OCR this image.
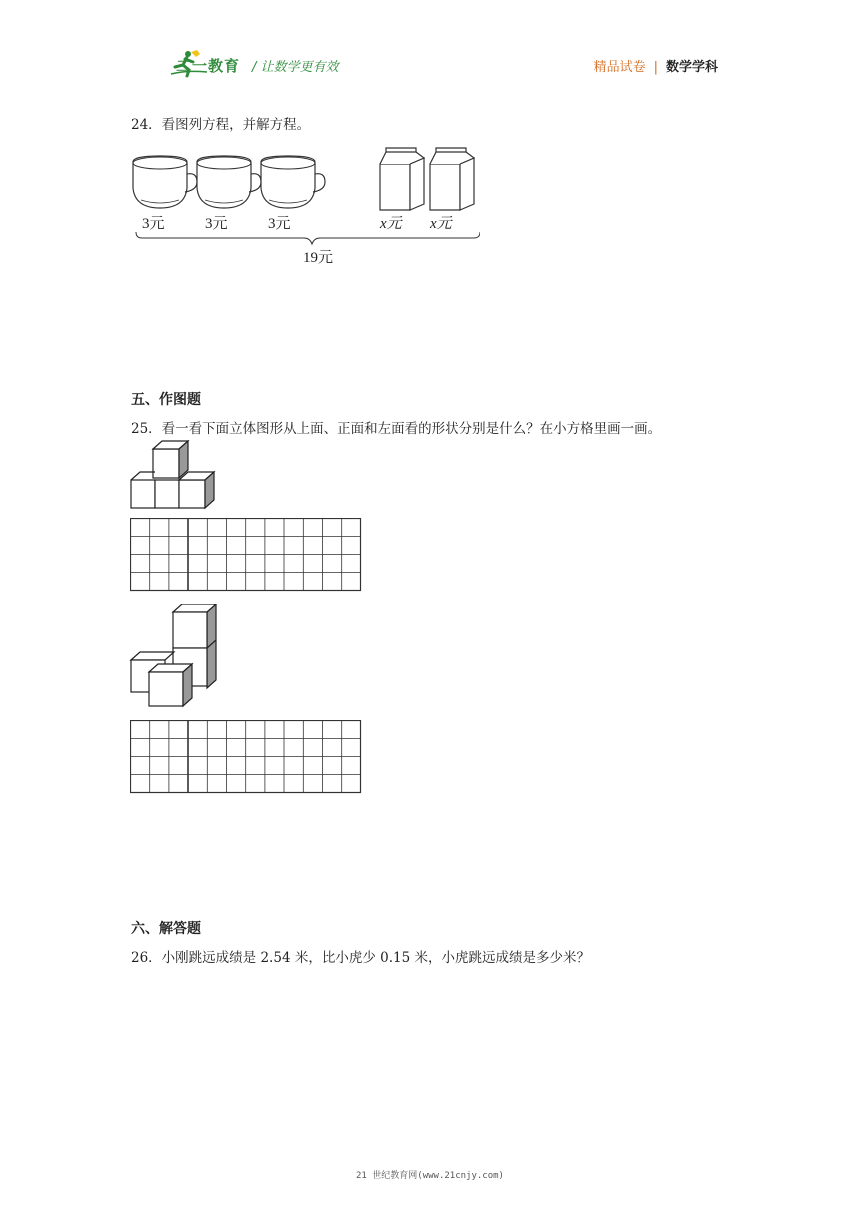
二一教育 / 让数学更有效	精品试卷 | 数学学科
24．看图列方程，并解方程。
3元	3元	3元	x元 x元
19元
五、作图题
25．看一看下面立体图形从上面、正面和左面看的形状分别是什么？在小方格里画一画。
六、解答题
26．小刚跳远成绩是 2.54 米，比小虎少 0.15 米，小虎跳远成绩是多少米？
21 世纪教育网(www.21cnjy.com)
